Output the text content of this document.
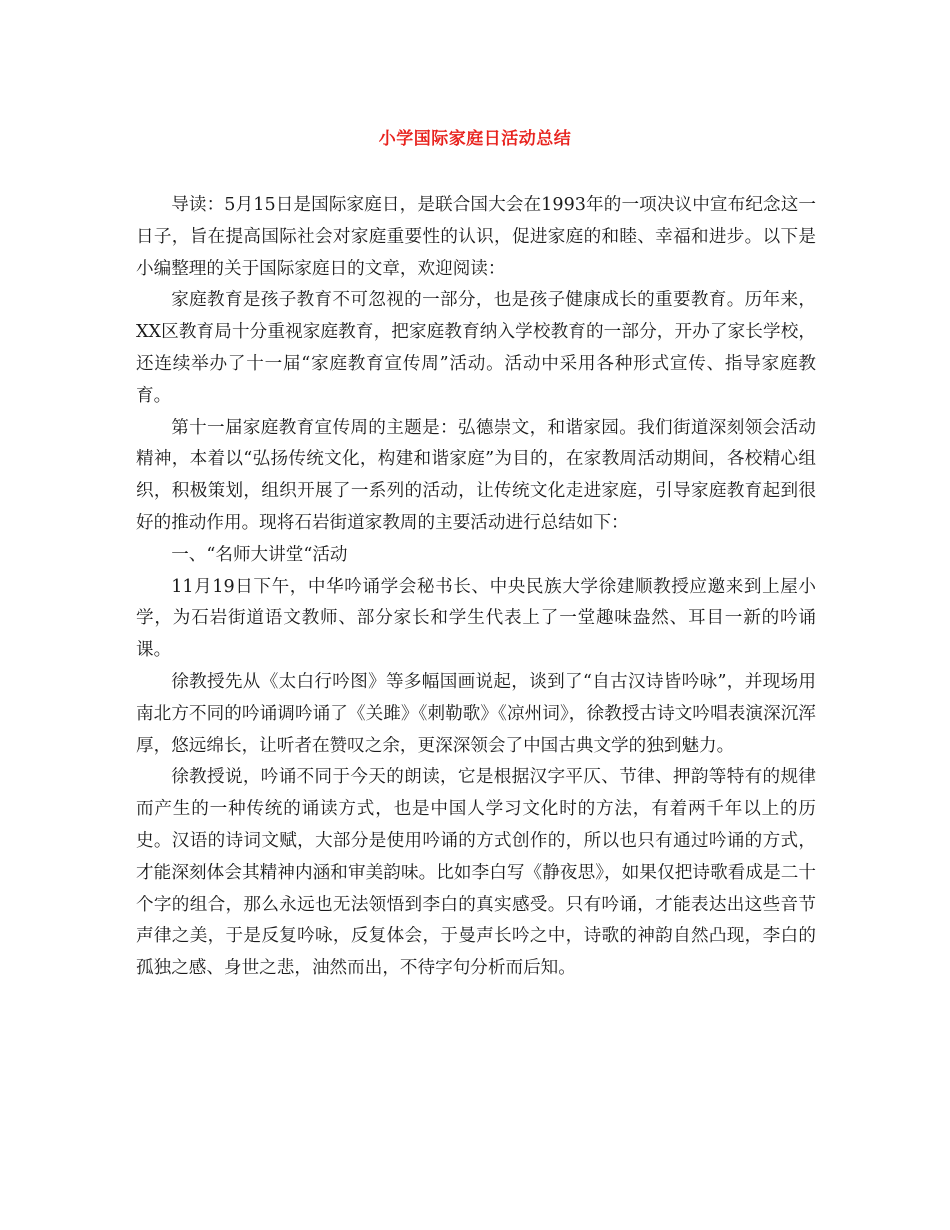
小学国际家庭日活动总结

导读：5月15日是国际家庭日，是联合国大会在1993年的一项决议中宣布纪念这一日子，旨在提高国际社会对家庭重要性的认识，促进家庭的和睦、幸福和进步。以下是小编整理的关于国际家庭日的文章，欢迎阅读：

家庭教育是孩子教育不可忽视的一部分，也是孩子健康成长的重要教育。历年来，XX区教育局十分重视家庭教育，把家庭教育纳入学校教育的一部分，开办了家长学校，还连续举办了十一届“家庭教育宣传周”活动。活动中采用各种形式宣传、指导家庭教育。

第十一届家庭教育宣传周的主题是：弘德崇文，和谐家园。我们街道深刻领会活动精神，本着以“弘扬传统文化，构建和谐家庭”为目的，在家教周活动期间，各校精心组织，积极策划，组织开展了一系列的活动，让传统文化走进家庭，引导家庭教育起到很好的推动作用。现将石岩街道家教周的主要活动进行总结如下：

一、“名师大讲堂“活动

11月19日下午，中华吟诵学会秘书长、中央民族大学徐建顺教授应邀来到上屋小学，为石岩街道语文教师、部分家长和学生代表上了一堂趣味盎然、耳目一新的吟诵课。

徐教授先从《太白行吟图》等多幅国画说起，谈到了“自古汉诗皆吟咏”，并现场用南北方不同的吟诵调吟诵了《关雎》《刺勒歌》《凉州词》，徐教授古诗文吟唱表演深沉浑厚，悠远绵长，让听者在赞叹之余，更深深领会了中国古典文学的独到魅力。

徐教授说，吟诵不同于今天的朗读，它是根据汉字平仄、节律、押韵等特有的规律而产生的一种传统的诵读方式，也是中国人学习文化时的方法，有着两千年以上的历史。汉语的诗词文赋，大部分是使用吟诵的方式创作的，所以也只有通过吟诵的方式，才能深刻体会其精神内涵和审美韵味。比如李白写《静夜思》，如果仅把诗歌看成是二十个字的组合，那么永远也无法领悟到李白的真实感受。只有吟诵，才能表达出这些音节声律之美，于是反复吟咏，反复体会，于曼声长吟之中，诗歌的神韵自然凸现，李白的孤独之感、身世之悲，油然而出，不待字句分析而后知。
